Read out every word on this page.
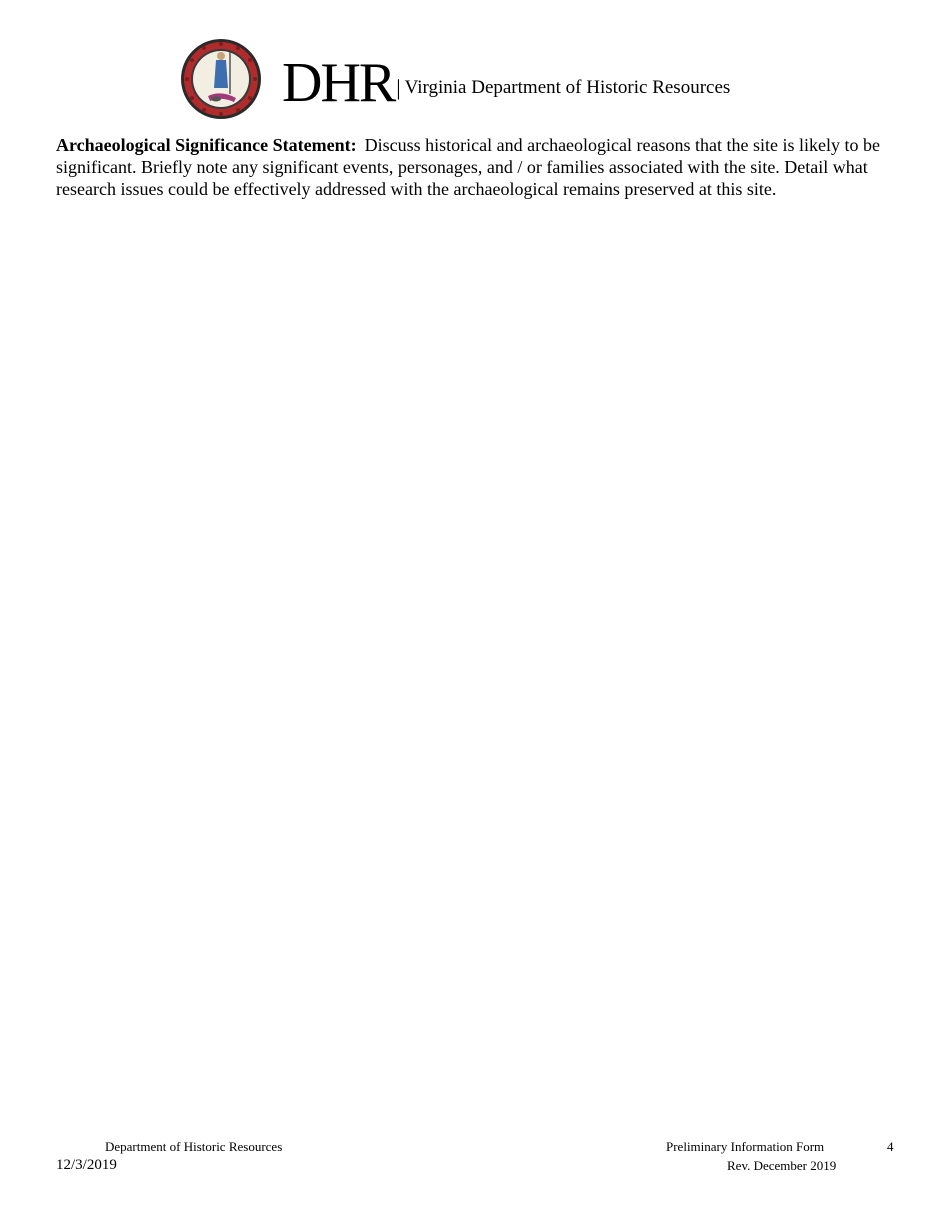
DHR | Virginia Department of Historic Resources
Archaeological Significance Statement: Discuss historical and archaeological reasons that the site is likely to be significant. Briefly note any significant events, personages, and / or families associated with the site. Detail what research issues could be effectively addressed with the archaeological remains preserved at this site.
Department of Historic Resources
12/3/2019
Preliminary Information Form
Rev. December 2019
4
